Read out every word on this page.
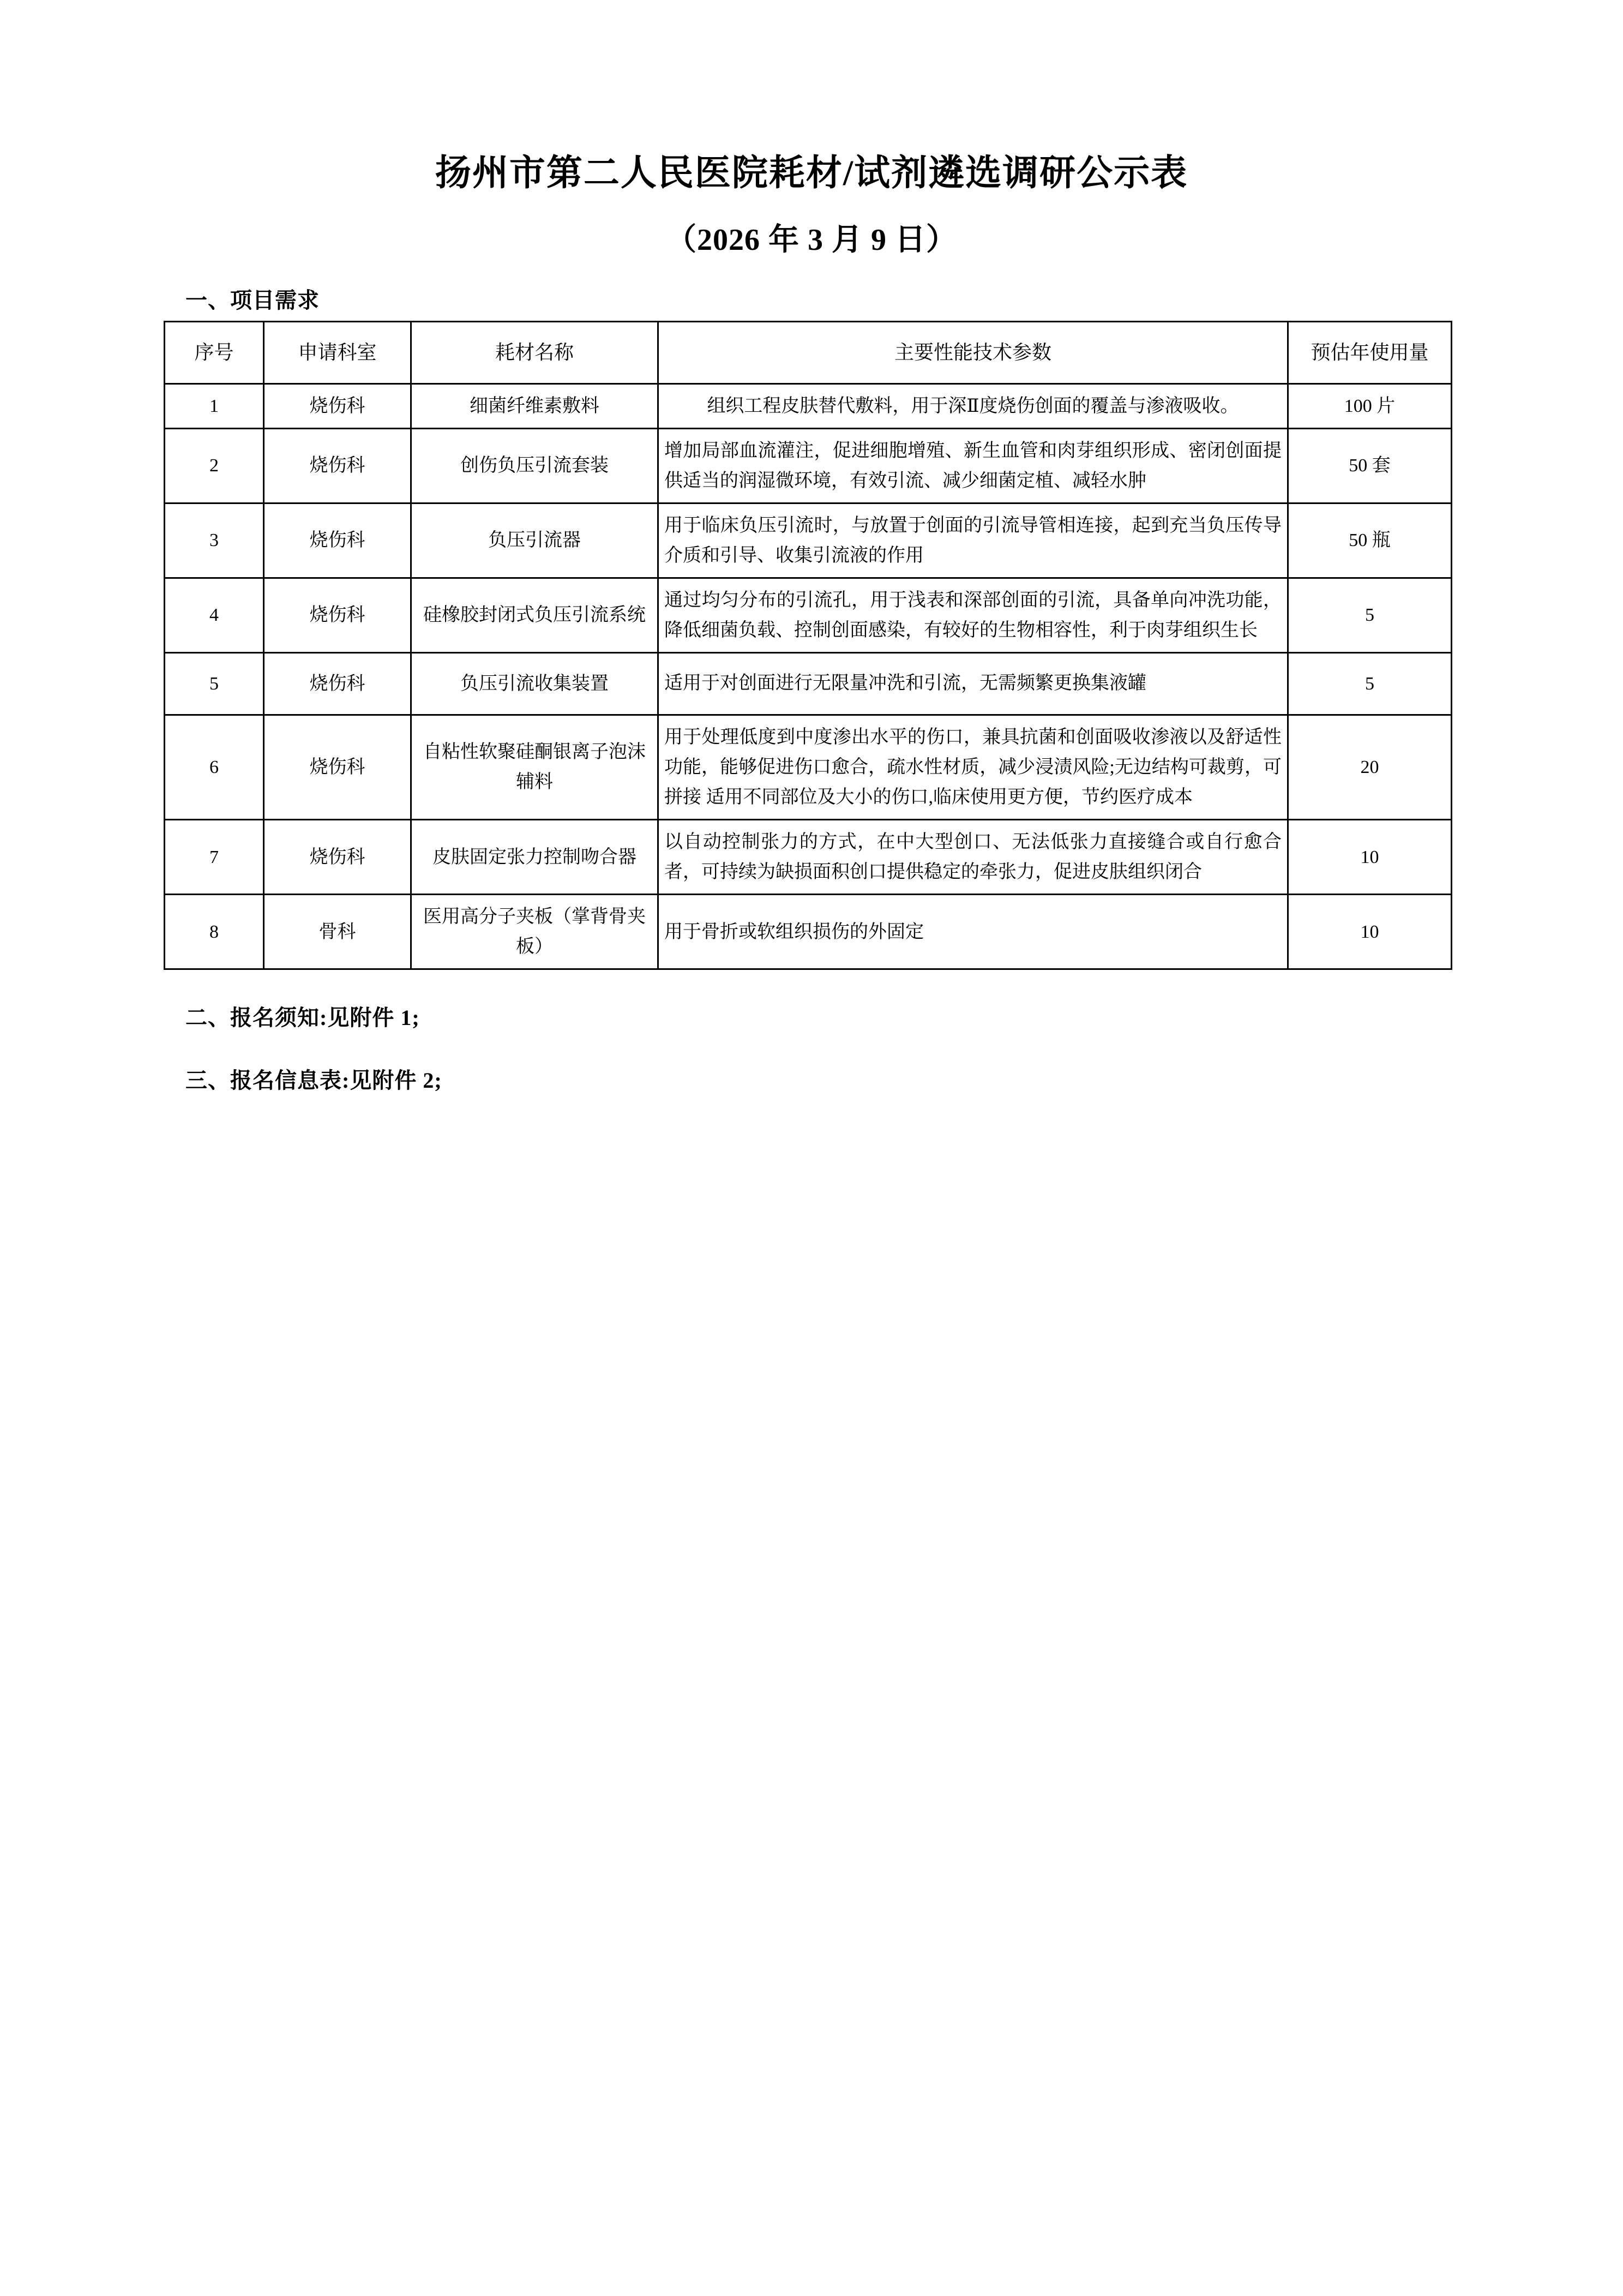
扬州市第二人民医院耗材/试剂遴选调研公示表

（2026 年 3 月 9 日）

一、项目需求
序号	申请科室	耗材名称	主要性能技术参数	预估年使用量
1	烧伤科	细菌纤维素敷料	组织工程皮肤替代敷料，用于深Ⅱ度烧伤创面的覆盖与渗液吸收。	100 片
2	烧伤科	创伤负压引流套装	增加局部血流灌注，促进细胞增殖、新生血管和肉芽组织形成、密闭创面提供适当的润湿微环境，有效引流、减少细菌定植、减轻水肿	50 套
3	烧伤科	负压引流器	用于临床负压引流时，与放置于创面的引流导管相连接，起到充当负压传导介质和引导、收集引流液的作用	50 瓶
4	烧伤科	硅橡胶封闭式负压引流系统	通过均匀分布的引流孔，用于浅表和深部创面的引流，具备单向冲洗功能，降低细菌负载、控制创面感染，有较好的生物相容性，利于肉芽组织生长	5
5	烧伤科	负压引流收集装置	适用于对创面进行无限量冲洗和引流，无需频繁更换集液罐	5
6	烧伤科	自粘性软聚硅酮银离子泡沫辅料	用于处理低度到中度渗出水平的伤口，兼具抗菌和创面吸收渗液以及舒适性功能，能够促进伤口愈合，疏水性材质，减少浸渍风险;无边结构可裁剪，可拼接 适用不同部位及大小的伤口,临床使用更方便，节约医疗成本	20
7	烧伤科	皮肤固定张力控制吻合器	以自动控制张力的方式，在中大型创口、无法低张力直接缝合或自行愈合者，可持续为缺损面积创口提供稳定的牵张力，促进皮肤组织闭合	10
8	骨科	医用高分子夹板（掌背骨夹板）	用于骨折或软组织损伤的外固定	10

二、报名须知:见附件 1;

三、报名信息表:见附件 2;
